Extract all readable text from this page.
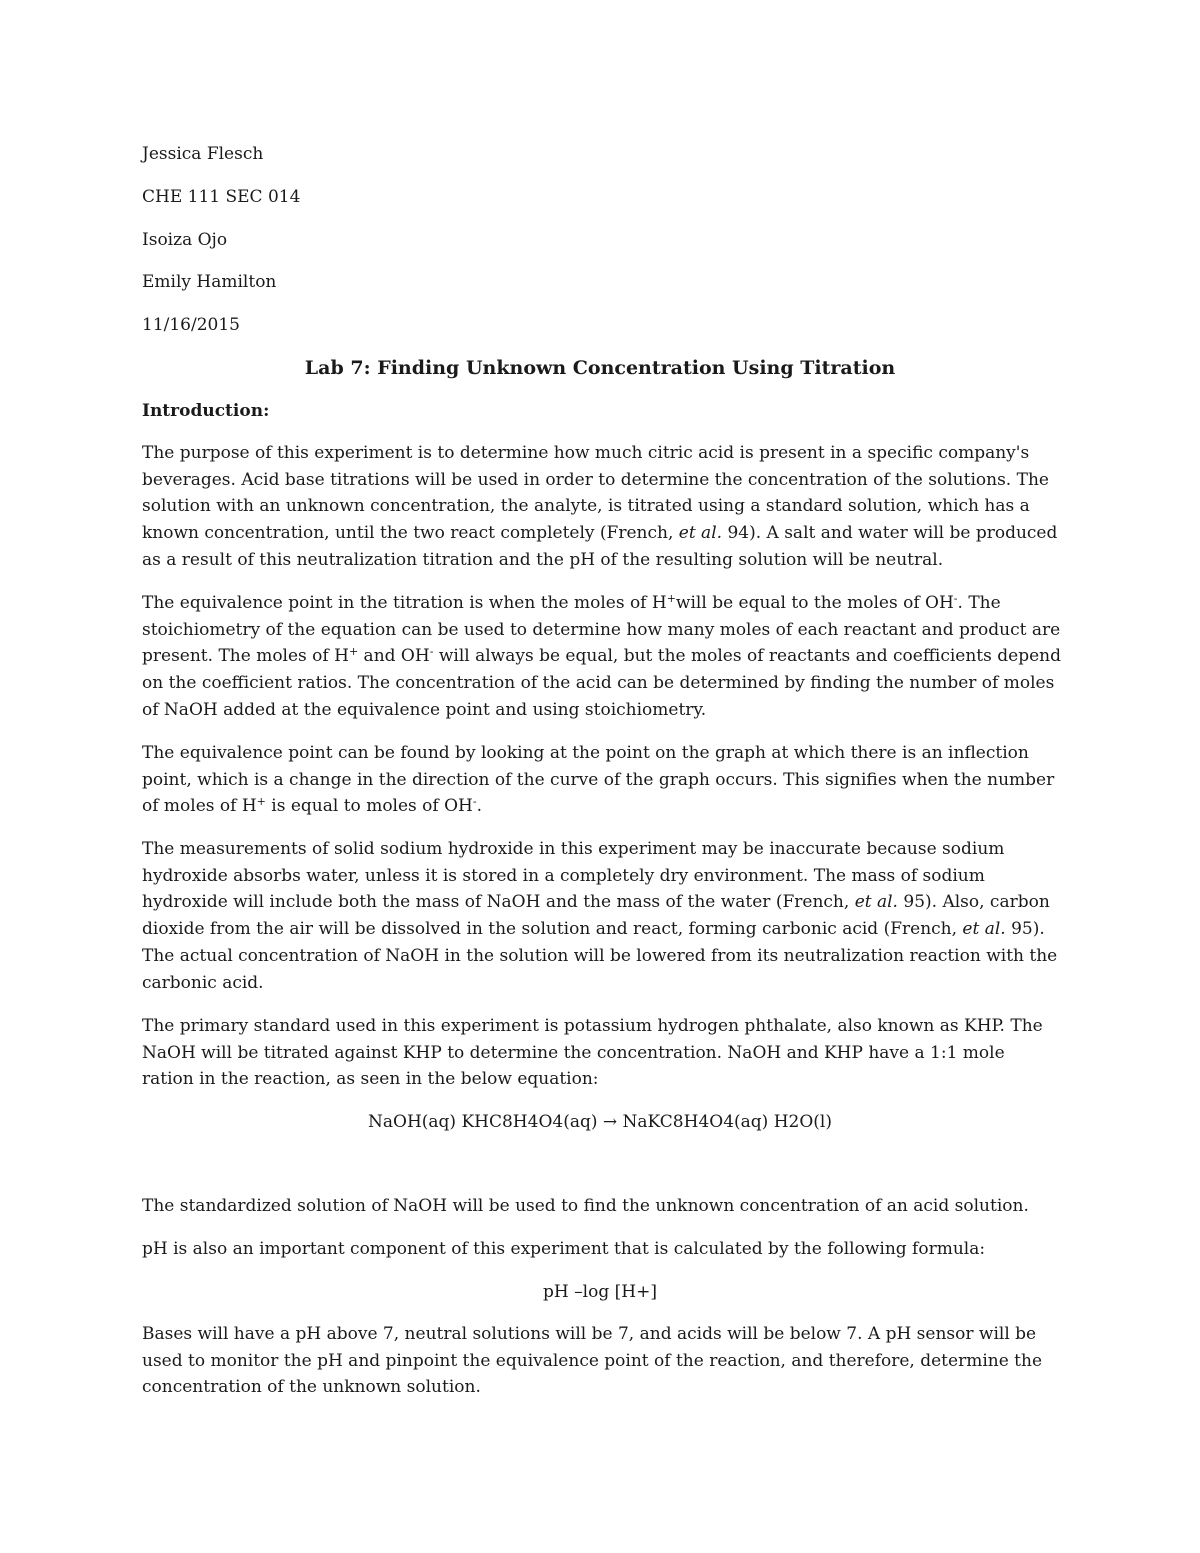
Jessica Flesch
CHE 111 SEC 014
Isoiza Ojo
Emily Hamilton
11/16/2015
Lab 7: Finding Unknown Concentration Using Titration
Introduction:
The purpose of this experiment is to determine how much citric acid is present in a specific company's
beverages. Acid base titrations will be used in order to determine the concentration of the solutions. The
solution with an unknown concentration, the analyte, is titrated using a standard solution, which has a
known concentration, until the two react completely (French, et al. 94). A salt and water will be produced
as a result of this neutralization titration and the pH of the resulting solution will be neutral.
The equivalence point in the titration is when the moles of H+will be equal to the moles of OH-. The
stoichiometry of the equation can be used to determine how many moles of each reactant and product are
present. The moles of H+ and OH- will always be equal, but the moles of reactants and coefficients depend
on the coefficient ratios. The concentration of the acid can be determined by finding the number of moles
of NaOH added at the equivalence point and using stoichiometry.
The equivalence point can be found by looking at the point on the graph at which there is an inflection
point, which is a change in the direction of the curve of the graph occurs. This signifies when the number
of moles of H+ is equal to moles of OH-.
The measurements of solid sodium hydroxide in this experiment may be inaccurate because sodium
hydroxide absorbs water, unless it is stored in a completely dry environment. The mass of sodium
hydroxide will include both the mass of NaOH and the mass of the water (French, et al. 95). Also, carbon
dioxide from the air will be dissolved in the solution and react, forming carbonic acid (French, et al. 95).
The actual concentration of NaOH in the solution will be lowered from its neutralization reaction with the
carbonic acid.
The primary standard used in this experiment is potassium hydrogen phthalate, also known as KHP. The
NaOH will be titrated against KHP to determine the concentration. NaOH and KHP have a 1:1 mole
ration in the reaction, as seen in the below equation:
NaOH(aq) KHC8H4O4(aq) → NaKC8H4O4(aq) H2O(l)
The standardized solution of NaOH will be used to find the unknown concentration of an acid solution.
pH is also an important component of this experiment that is calculated by the following formula:
pH –log [H+]
Bases will have a pH above 7, neutral solutions will be 7, and acids will be below 7. A pH sensor will be
used to monitor the pH and pinpoint the equivalence point of the reaction, and therefore, determine the
concentration of the unknown solution.
